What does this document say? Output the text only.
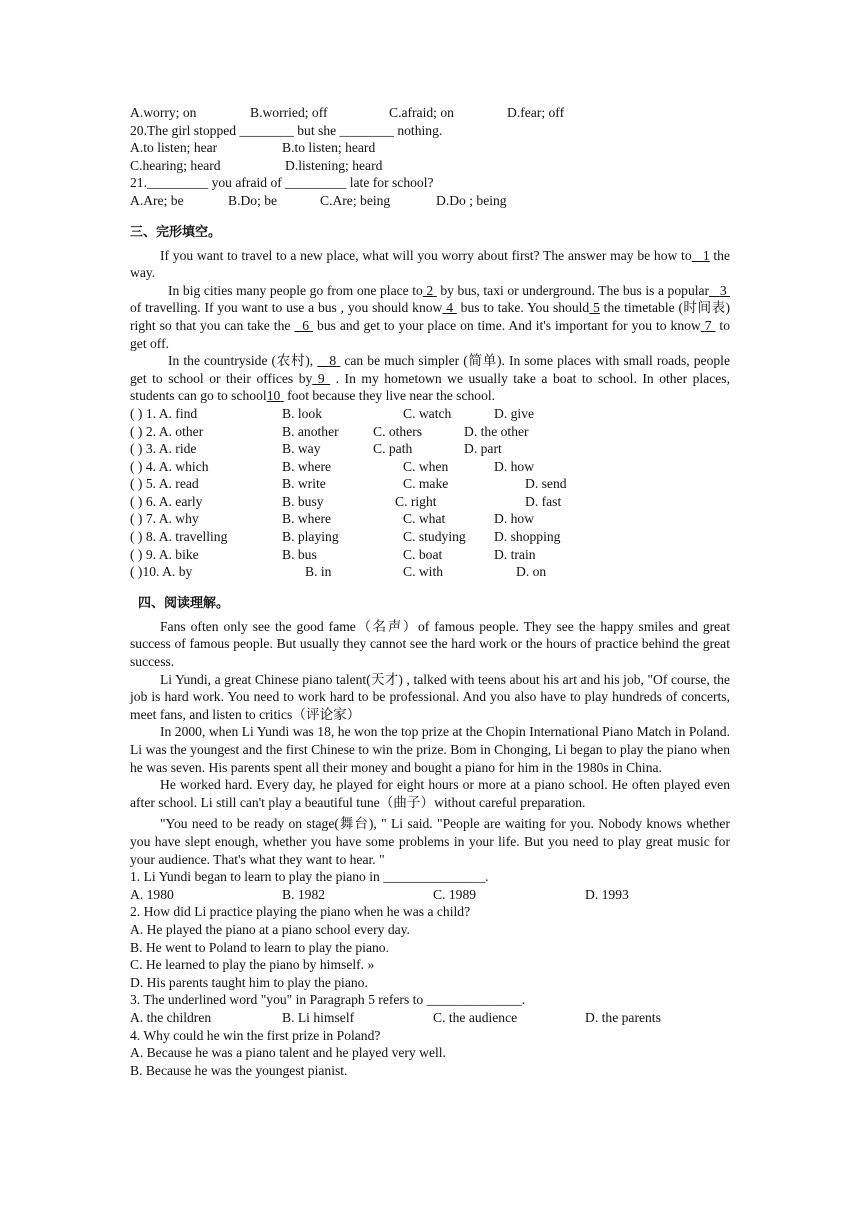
A.worry; on	B.worried; off	C.afraid; on	D.fear; off
20.The girl stopped ________ but she ________ nothing.
A.to listen; hear	B.to listen; heard
C.hearing; heard	D.listening; heard
21._________ you afraid of _________ late for school?
A.Are; be	B.Do; be	C.Are; being	D.Do ; being
三、完形填空。
If you want to travel to a new place, what will you worry about first? The answer may be how to 1 the way.
In big cities many people go from one place to 2  by bus, taxi or underground. The bus is a popular 3  of travelling. If you want to use a bus , you should know 4  bus to take. You should 5 the timetable (时间表) right so that you can take the   6  bus and get to your place on time. And it's important for you to know 7  to get off.
In the countryside (农村),    8  can be much simpler (简单). In some places with small roads, people get to school or their offices by 9  . In my hometown we usually take a boat to school. In other places, students can go to school10  foot because they live near the school.
( ) 1. A. find	B. look	C. watch	D. give
( ) 2. A. other	B. another	C. others	D. the other
( ) 3. A. ride	B. way	C. path	D. part
( ) 4. A. which	B. where	C. when	D. how
( ) 5. A. read	B. write	C. make	D. send
( ) 6. A. early	B. busy	C. right	D. fast
( ) 7. A. why	B. where	C. what	D. how
( ) 8. A. travelling	B. playing	C. studying D. shopping
( ) 9. A. bike	B. bus	C. boat	D. train
( )10. A. by	B. in	C. with	D. on
四、阅读理解。
Fans often only see the good fame（名声）of famous people. They see the happy smiles and great success of famous people. But usually they cannot see the hard work or the hours of practice behind the great success.
Li Yundi, a great Chinese piano talent(天才) , talked with teens about his art and his job, "Of course, the job is hard work. You need to work hard to be professional. And you also have to play hundreds of concerts, meet fans, and listen to critics（评论家）
In 2000, when Li Yundi was 18, he won the top prize at the Chopin International Piano Match in Poland. Li was the youngest and the first Chinese to win the prize. Bom in Chonging, Li began to play the piano when he was seven. His parents spent all their money and bought a piano for him in the 1980s in China.
He worked hard. Every day, he played for eight hours or more at a piano school. He often played even after school. Li still can't play a beautiful tune（曲子）without careful preparation.
"You need to be ready on stage(舞台), " Li said. "People are waiting for you. Nobody knows whether you have slept enough, whether you have some problems in your life. But you need to play great music for your audience. That's what they want to hear. "
1. Li Yundi began to learn to play the piano in _______________.
A. 1980	B. 1982	C. 1989	D. 1993
2. How did Li practice playing the piano when he was a child?
A. He played the piano at a piano school every day.
B. He went to Poland to learn to play the piano.
C. He learned to play the piano by himself. »
D. His parents taught him to play the piano.
3. The underlined word "you" in Paragraph 5 refers to ______________.
A. the children	B. Li himself	C. the audience	D. the parents
4. Why could he win the first prize in Poland?
A. Because he was a piano talent and he played very well.
B. Because he was the youngest pianist.
